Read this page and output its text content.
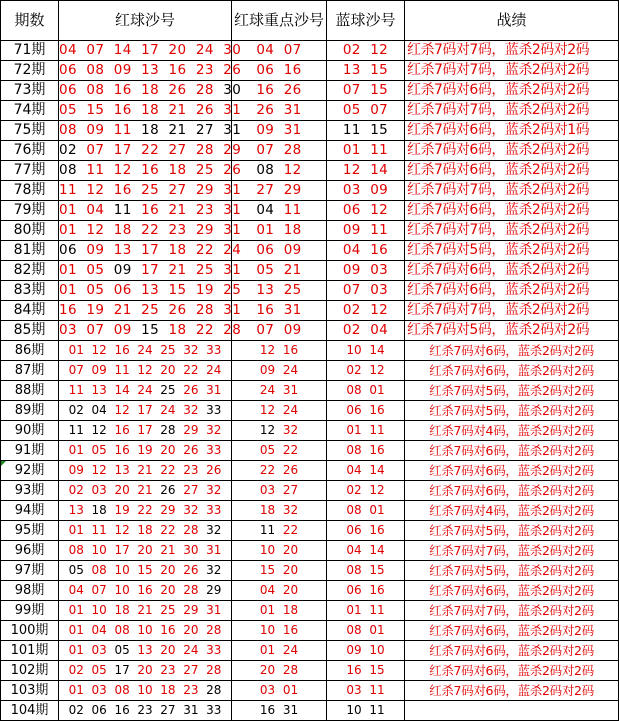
期数	红球沙号	红球重点沙号	蓝球沙号	战绩
71期	04 07 14 17 20 24 30	04 07	02 12	红杀7码对7码，蓝杀2码对2码
72期	06 08 09 13 16 23 26	06 16	13 15	红杀7码对7码，蓝杀2码对2码
73期	06 08 16 18 26 28 30	16 26	07 15	红杀7码对6码，蓝杀2码对2码
74期	05 15 16 18 21 26 31	26 31	05 07	红杀7码对7码，蓝杀2码对2码
75期	08 09 11 18 21 27 31	09 31	11 15	红杀7码对6码，蓝杀2码对1码
76期	02 07 17 22 27 28 29	07 28	01 11	红杀7码对6码，蓝杀2码对2码
77期	08 11 12 16 18 25 26	08 12	12 14	红杀7码对6码，蓝杀2码对2码
78期	11 12 16 25 27 29 31	27 29	03 09	红杀7码对7码，蓝杀2码对2码
79期	01 04 11 16 21 23 31	04 11	06 12	红杀7码对6码，蓝杀2码对2码
80期	01 12 18 22 23 29 31	01 18	09 11	红杀7码对7码，蓝杀2码对2码
81期	06 09 13 17 18 22 24	06 09	04 16	红杀7码对5码，蓝杀2码对2码
82期	01 05 09 17 21 25 31	05 21	09 03	红杀7码对6码，蓝杀2码对2码
83期	01 05 06 13 15 19 25	13 25	07 03	红杀7码对6码，蓝杀2码对2码
84期	16 19 21 25 26 28 31	16 31	02 12	红杀7码对7码，蓝杀2码对2码
85期	03 07 09 15 18 22 28	07 09	02 04	红杀7码对5码，蓝杀2码对2码
86期	01 12 16 24 25 32 33	12 16	10 14	红杀7码对6码，蓝杀2码对2码
87期	07 09 11 12 20 22 24	09 24	02 12	红杀7码对6码，蓝杀2码对2码
88期	11 13 14 24 25 26 31	24 31	08 01	红杀7码对5码，蓝杀2码对2码
89期	02 04 12 17 24 32 33	12 24	06 16	红杀7码对5码，蓝杀2码对2码
90期	11 12 16 17 28 29 32	12 32	01 11	红杀7码对4码，蓝杀2码对2码
91期	01 05 16 19 20 26 33	05 22	08 16	红杀7码对6码，蓝杀2码对2码
92期	09 12 13 21 22 23 26	22 26	04 14	红杀7码对6码，蓝杀2码对2码
93期	02 03 20 21 26 27 32	03 27	02 12	红杀7码对6码，蓝杀2码对2码
94期	13 18 19 22 29 32 33	18 32	08 01	红杀7码对4码，蓝杀2码对2码
95期	01 11 12 18 22 28 32	11 22	06 16	红杀7码对5码，蓝杀2码对2码
96期	08 10 17 20 21 30 31	10 20	04 14	红杀7码对7码，蓝杀2码对2码
97期	05 08 10 15 20 26 32	15 20	08 15	红杀7码对5码，蓝杀2码对2码
98期	04 07 10 16 20 28 29	04 20	06 16	红杀7码对6码，蓝杀2码对2码
99期	01 10 18 21 25 29 31	01 18	01 11	红杀7码对7码，蓝杀2码对2码
100期	01 04 08 10 16 20 28	10 16	08 01	红杀7码对6码，蓝杀2码对2码
101期	01 03 05 13 20 24 33	01 24	09 10	红杀7码对6码，蓝杀2码对2码
102期	02 05 17 20 23 27 28	20 28	16 15	红杀7码对6码，蓝杀2码对2码
103期	01 03 08 10 18 23 28	03 01	03 11	红杀7码对6码，蓝杀2码对2码
104期	02 06 16 23 27 31 33	16 31	10 11	
